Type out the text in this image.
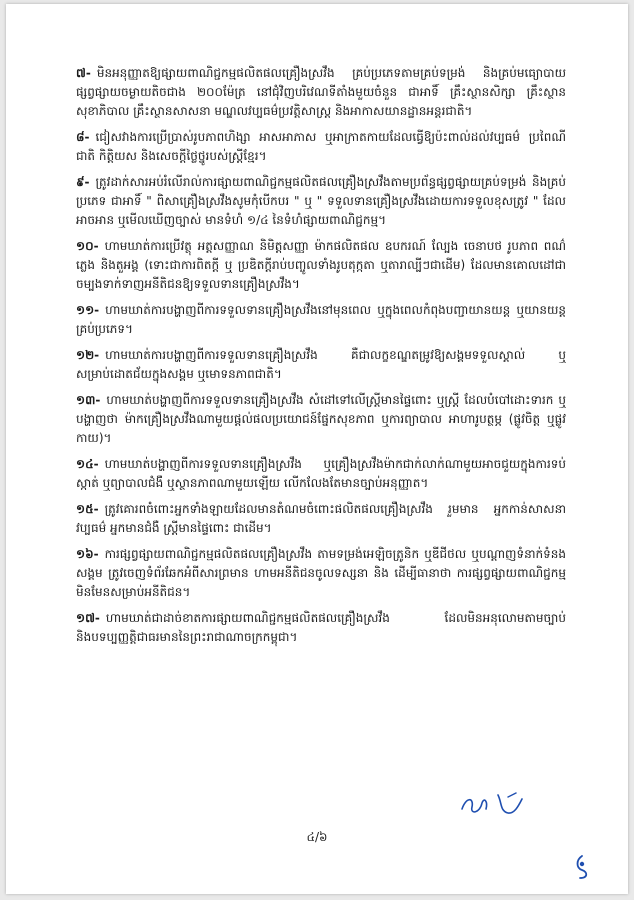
៧- មិនអនុញ្ញាតឱ្យផ្សាយពាណិជ្ជកម្មផលិតផលគ្រឿងស្រវឹង គ្រប់ប្រភេទតាមគ្រប់ទម្រង់ និងគ្រប់មធ្យោបាយផ្សព្វផ្សាយចម្ងាយតិចជាង ២០០ម៉ែត្រ នៅជុំវិញបរិវេណទីតាំងមួយចំនួន ជាអាទិ៍ គ្រឹះស្ថានសិក្សា គ្រឹះស្ថានសុខាភិបាល គ្រឹះស្ថានសាសនា មណ្ឌលវប្បធម៌ប្រវត្តិសាស្ត្រ និងអាកាសយានដ្ឋានអន្តរជាតិ។
៨- ជៀសវាងការប្រើប្រាស់រូបភាពហិង្សា អាសអាភាស ឬអាក្រាតកាយដែលធ្វើឱ្យប៉ះពាល់ដល់វប្បធម៌ ប្រពៃណីជាតិ កិត្តិយស និងសេចក្តីថ្លៃថ្នូរបស់ស្ត្រីខ្មែរ។
៩- ត្រូវដាក់សារអប់រំលើរាល់ការផ្សាយពាណិជ្ជកម្មផលិតផលគ្រឿងស្រវឹងតាមប្រព័ន្ធផ្សព្វផ្សាយគ្រប់ទម្រង់ និងគ្រប់ប្រភេទ ជាអាទិ៍ " ពិសាគ្រឿងស្រវឹងសូមកុំបើកបរ " ឬ " ទទួលទានគ្រឿងស្រវឹងដោយការទទួលខុសត្រូវ " ដែលអាចអាន ឬមើលឃើញច្បាស់ មានទំហំ ១/៤ នៃទំហំផ្សាយពាណិជ្ជកម្ម។
១០- ហាមឃាត់ការប្រើវត្ថុ អត្តសញ្ញាណ និមិត្តសញ្ញា ម៉ាកផលិតផល ឧបករណ៍ ល្បែង ចេនាបថ រូបភាព ពណ៌ ភ្លេង និងតួអង្គ (ទោះជាការពិតក្តី ឬ ប្រឌិតក្តីរាប់បញ្ចូលទាំងរូបតុក្កតា ឬតារាល្បីៗជាដើម) ដែលមានគោលដៅជាចម្បងទាក់ទាញអនីតិជនឱ្យទទួលទានគ្រឿងស្រវឹង។
១១- ហាមឃាត់ការបង្ហាញពីការទទួលទានគ្រឿងស្រវឹងនៅមុនពេល ឬក្នុងពេលកំពុងបញ្ជាយានយន្ត ឬយានយន្តគ្រប់ប្រភេទ។
១២- ហាមឃាត់ការបង្ហាញពីការទទួលទានគ្រឿងស្រវឹង គឺជាលក្ខខណ្ឌតម្រូវឱ្យសង្គមទទួលស្គាល់ ឬសម្រាប់ដោតជ័យក្នុងសង្គម ឬមោទនភាពជាតិ។
១៣- ហាមឃាត់បង្ហាញពីការទទួលទានគ្រឿងស្រវឹង សំដៅទៅលើស្ត្រីមានផ្ទៃពោះ ឬស្ត្រី ដែលបំបៅដោះទារក ឬបង្ហាញថា ម៉ាកគ្រឿងស្រវឹងណាមួយផ្តល់ផលប្រយោជន៍ផ្នែកសុខភាព ឬការព្យាបាល អាហារូបត្ថម្ភ (ផ្លូវចិត្ត ឬផ្លូវកាយ)។
១៤- ហាមឃាត់បង្ហាញពីការទទួលទានគ្រឿងស្រវឹង ឬគ្រឿងស្រវឹងម៉ាកជាក់លាក់ណាមួយអាចជួយក្នុងការទប់ស្កាត់ ឬព្យាបាលជំងឺ ឬស្ថានភាពណាមួយឡើយ លើកលែងតែមានច្បាប់អនុញ្ញាត។
១៥- ត្រូវគោរពចំពោះអ្នកទាំងឡាយដែលមានតំណមចំពោះផលិតផលគ្រឿងស្រវឹង រួមមាន អ្នកកាន់សាសនា វប្បធម៌ អ្នកមានជំងឺ ស្ត្រីមានផ្ទៃពោះ ជាដើម។
១៦- ការផ្សព្វផ្សាយពាណិជ្ជកម្មផលិតផលគ្រឿងស្រវឹង តាមទម្រង់អេឡិចត្រូនិក ឬឌីជីថល ឬបណ្តាញទំនាក់ទំនងសង្គម ត្រូវចេញទំព័រឆែកអំពីសារព្រមាន ហាមអនីតិជនចូលទស្សនា និង ដើម្បីធានាថា ការផ្សព្វផ្សាយពាណិជ្ជកម្មមិនមែនសម្រាប់អនីតិជន។
១៧- ហាមឃាត់ជាដាច់ខាតការផ្សាយពាណិជ្ជកម្មផលិតផលគ្រឿងស្រវឹង ដែលមិនអនុលោមតាមច្បាប់ និងបទប្បញ្ញត្តិជាធរមាននៃព្រះរាជាណាចក្រកម្ពុជា។
៤/៦
